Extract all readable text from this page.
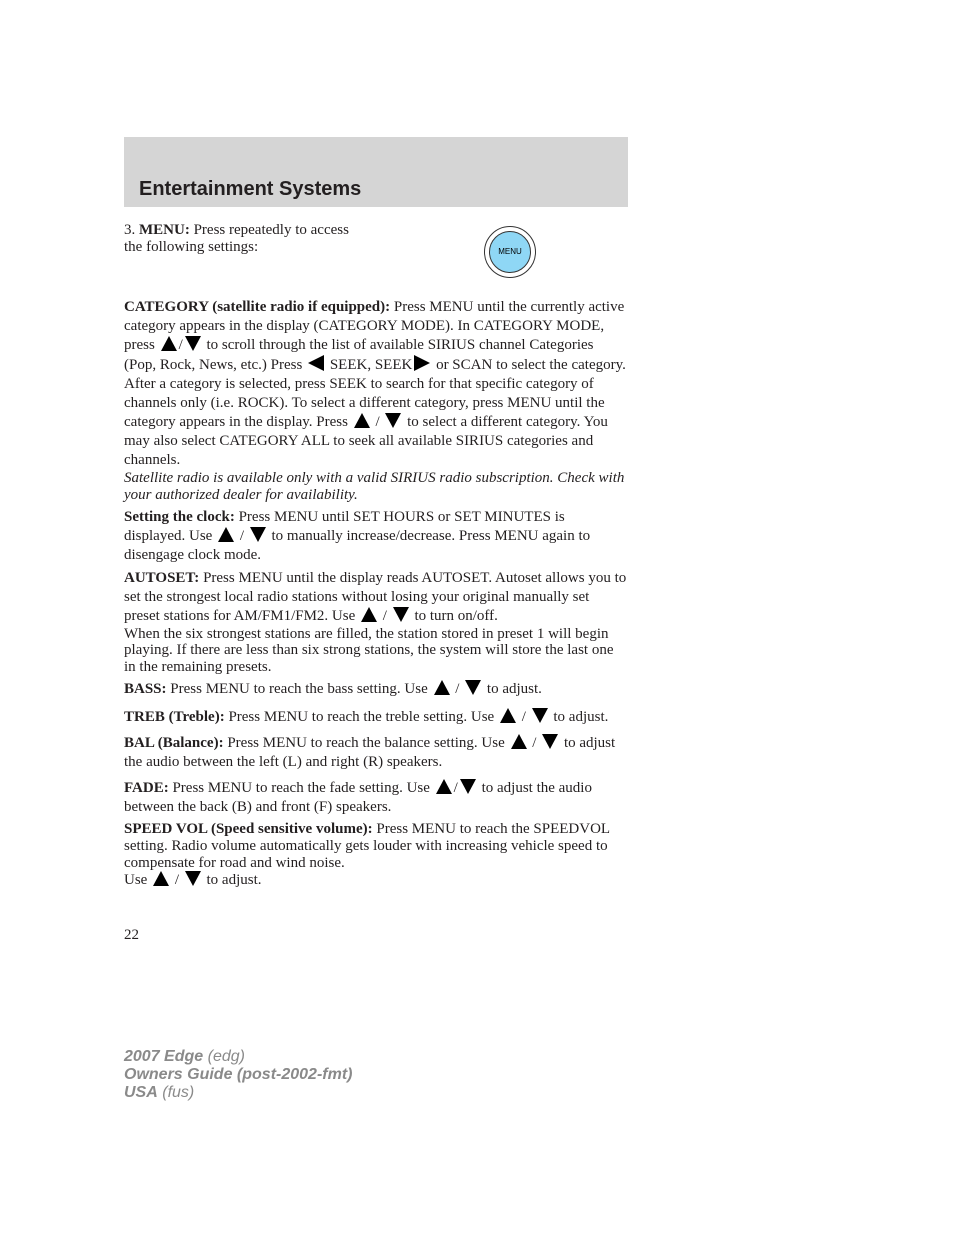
Entertainment Systems

3. MENU: Press repeatedly to access the following settings:	MENU

CATEGORY (satellite radio if equipped): Press MENU until the currently active category appears in the display (CATEGORY MODE). In CATEGORY MODE, press / to scroll through the list of available SIRIUS channel Categories (Pop, Rock, News, etc.) Press SEEK, SEEK or SCAN to select the category. After a category is selected, press SEEK to search for that specific category of channels only (i.e. ROCK). To select a different category, press MENU until the category appears in the display. Press / to select a different category. You may also select CATEGORY ALL to seek all available SIRIUS categories and channels.

Satellite radio is available only with a valid SIRIUS radio subscription. Check with your authorized dealer for availability.

Setting the clock: Press MENU until SET HOURS or SET MINUTES is displayed. Use / to manually increase/decrease. Press MENU again to disengage clock mode.

AUTOSET: Press MENU until the display reads AUTOSET. Autoset allows you to set the strongest local radio stations without losing your original manually set preset stations for AM/FM1/FM2. Use / to turn on/off.

When the six strongest stations are filled, the station stored in preset 1 will begin playing. If there are less than six strong stations, the system will store the last one in the remaining presets.

BASS: Press MENU to reach the bass setting. Use / to adjust.

TREB (Treble): Press MENU to reach the treble setting. Use / to adjust.

BAL (Balance): Press MENU to reach the balance setting. Use / to adjust the audio between the left (L) and right (R) speakers.

FADE: Press MENU to reach the fade setting. Use / to adjust the audio between the back (B) and front (F) speakers.

SPEED VOL (Speed sensitive volume): Press MENU to reach the SPEEDVOL setting. Radio volume automatically gets louder with increasing vehicle speed to compensate for road and wind noise.

Use / to adjust.

22
2007 Edge (edg)
Owners Guide (post-2002-fmt)
USA (fus)
